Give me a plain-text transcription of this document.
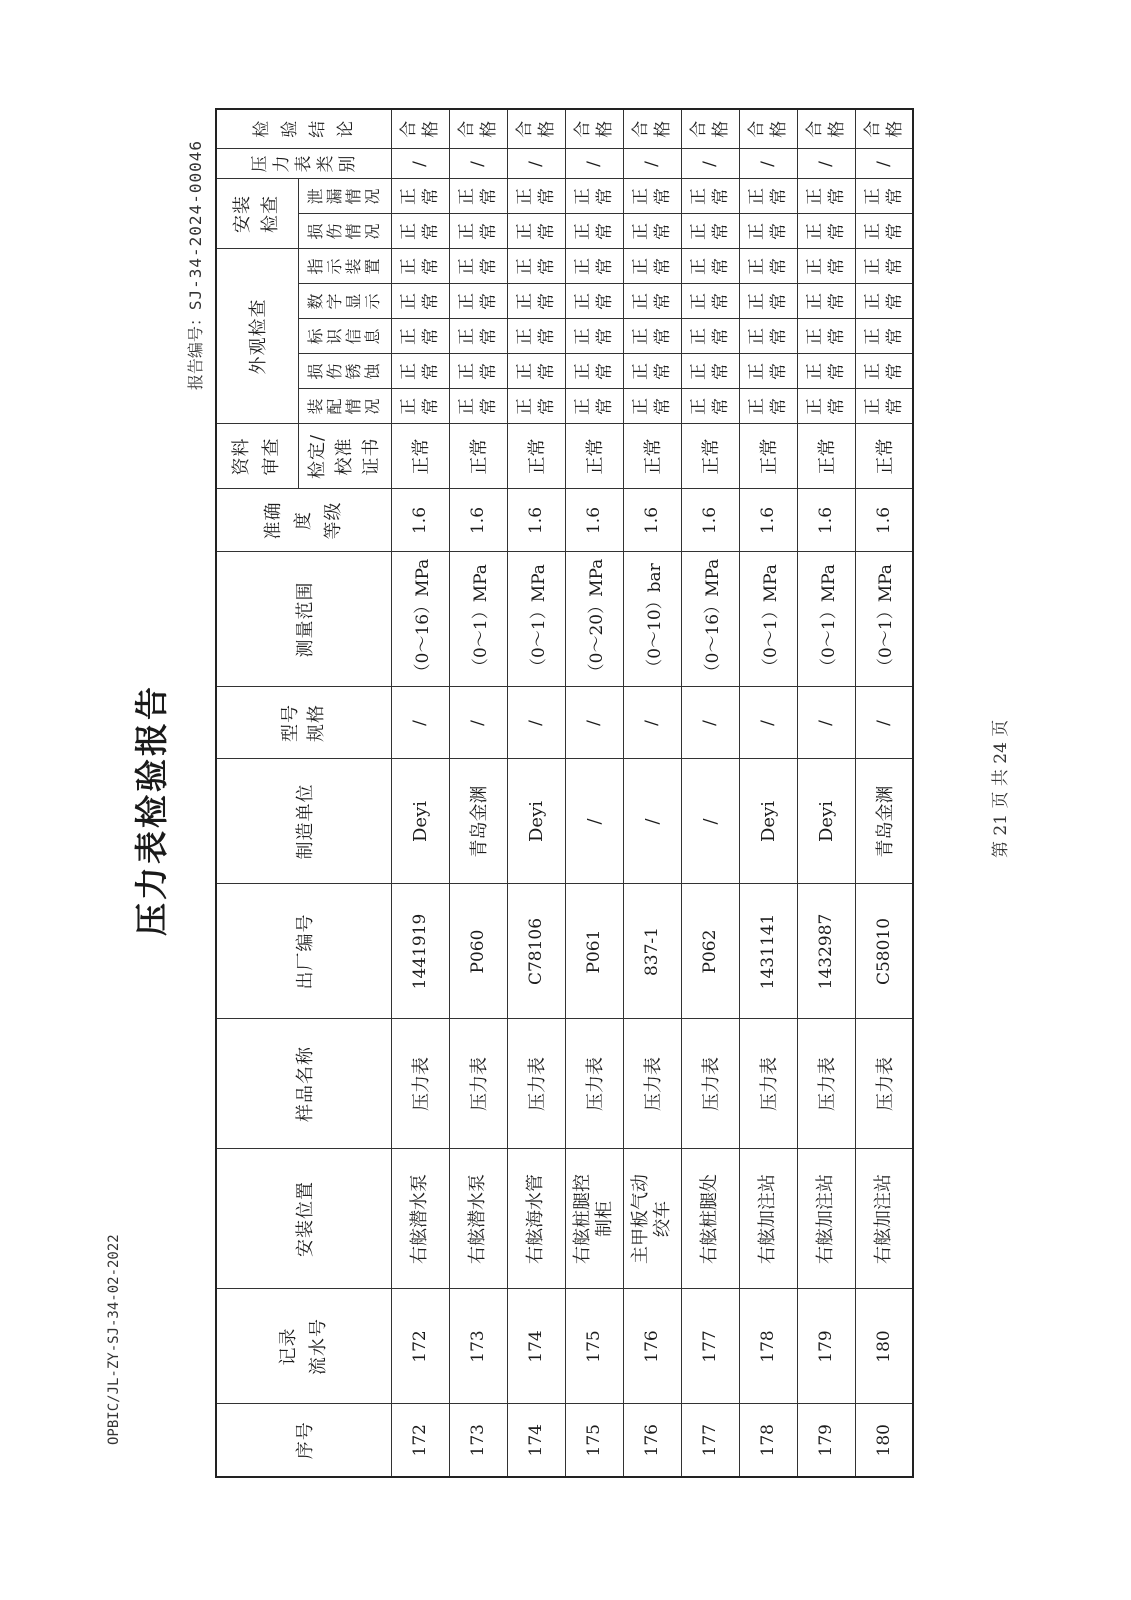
OPBIC/JL-ZY-SJ-34-02-2022
压力表检验报告
报告编号：SJ-34-2024-00046
序号	记录 流水号	安装位置	样品名称	出厂编号	制造单位	型号 规格	测量范围	准确 度 等级	资料 审查	外观检查					安装 检查		压力表类别	检验结论

									检定/ 校准 证书	装配情况	损伤锈蚀	标识信息	数字显示	指示装置	损伤情况	泄漏情况		
172	172	右舷潜水泵	压力表	1441919	Deyi	/	（0～16）MPa	1.6	正常	正常	正常	正常	正常	正常	正常	正常	/	合格
173	173	右舷潜水泵	压力表	P060	青岛金渊	/	（0～1）MPa	1.6	正常	正常	正常	正常	正常	正常	正常	正常	/	合格
174	174	右舷海水管	压力表	C78106	Deyi	/	（0～1）MPa	1.6	正常	正常	正常	正常	正常	正常	正常	正常	/	合格
175	175	右舷桩腿控制柜	压力表	P061	/	/	（0～20）MPa	1.6	正常	正常	正常	正常	正常	正常	正常	正常	/	合格
176	176	主甲板气动绞车	压力表	837-1	/	/	（0～10）bar	1.6	正常	正常	正常	正常	正常	正常	正常	正常	/	合格
177	177	右舷桩腿处	压力表	P062	/	/	（0～16）MPa	1.6	正常	正常	正常	正常	正常	正常	正常	正常	/	合格
178	178	右舷加注站	压力表	1431141	Deyi	/	（0～1）MPa	1.6	正常	正常	正常	正常	正常	正常	正常	正常	/	合格
179	179	右舷加注站	压力表	1432987	Deyi	/	（0～1）MPa	1.6	正常	正常	正常	正常	正常	正常	正常	正常	/	合格
180	180	右舷加注站	压力表	C58010	青岛金渊	/	（0～1）MPa	1.6	正常	正常	正常	正常	正常	正常	正常	正常	/	合格
第 21 页 共 24 页
